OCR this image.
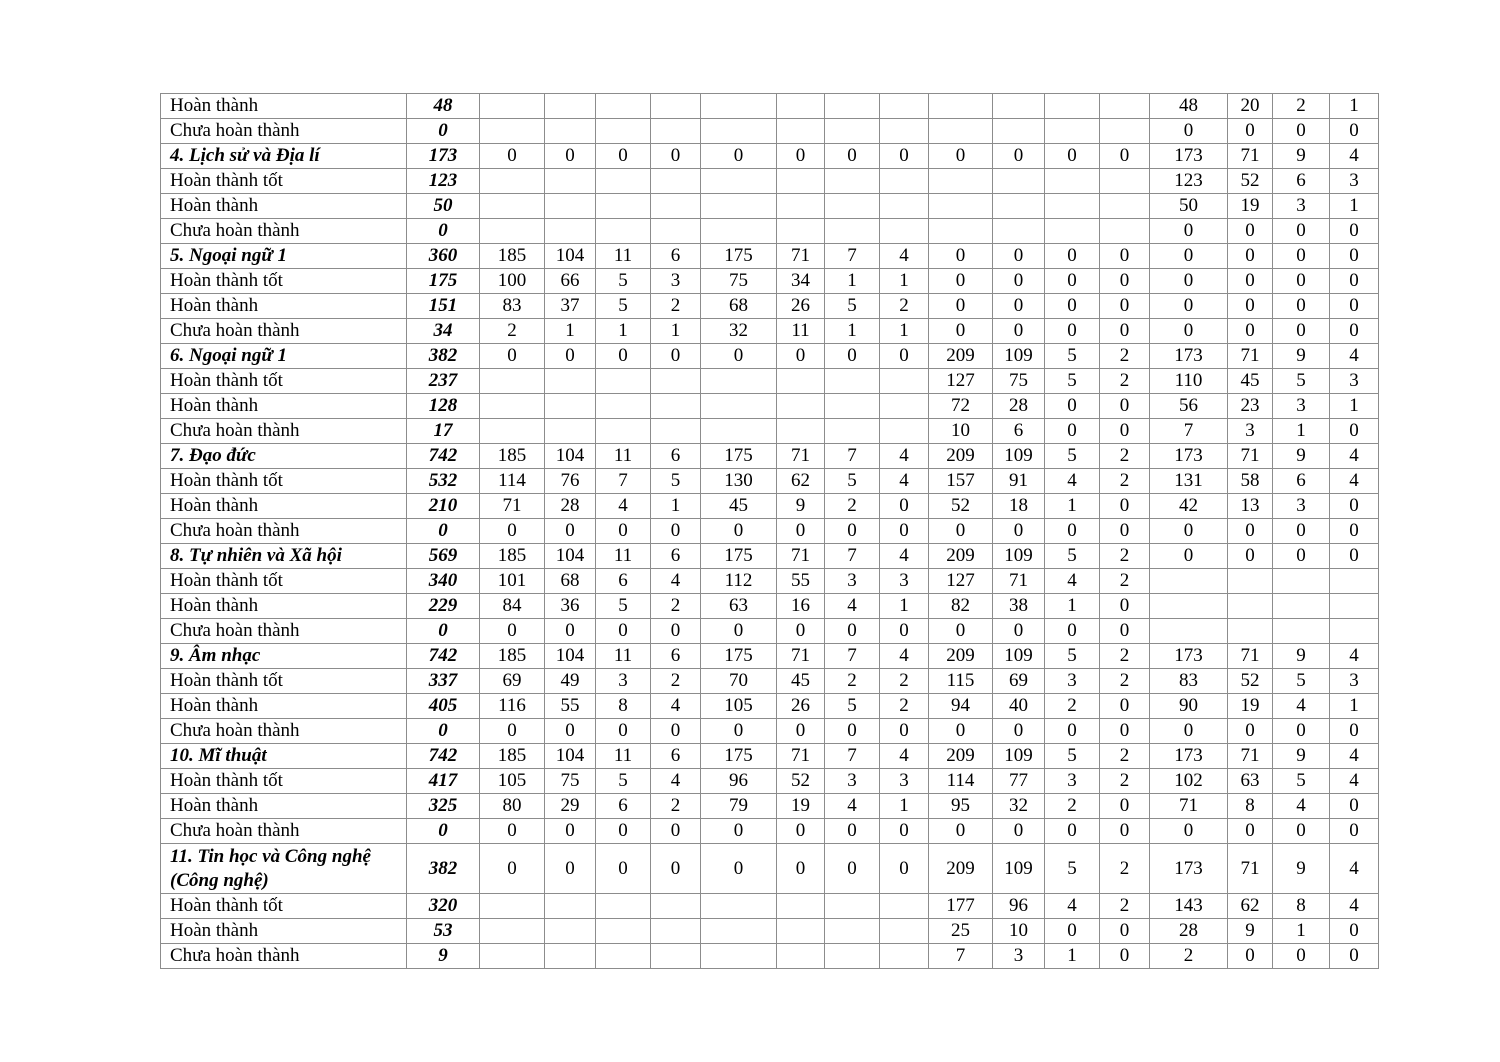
Hoàn thành	48													48	20	2	1
Chưa hoàn thành	0													0	0	0	0
4. Lịch sử và Địa lí	173	0	0	0	0	0	0	0	0	0	0	0	0	173	71	9	4
Hoàn thành tốt	123													123	52	6	3
Hoàn thành	50													50	19	3	1
Chưa hoàn thành	0													0	0	0	0
5. Ngoại ngữ 1	360	185	104	11	6	175	71	7	4	0	0	0	0	0	0	0	0
Hoàn thành tốt	175	100	66	5	3	75	34	1	1	0	0	0	0	0	0	0	0
Hoàn thành	151	83	37	5	2	68	26	5	2	0	0	0	0	0	0	0	0
Chưa hoàn thành	34	2	1	1	1	32	11	1	1	0	0	0	0	0	0	0	0
6. Ngoại ngữ 1	382	0	0	0	0	0	0	0	0	209	109	5	2	173	71	9	4
Hoàn thành tốt	237									127	75	5	2	110	45	5	3
Hoàn thành	128									72	28	0	0	56	23	3	1
Chưa hoàn thành	17									10	6	0	0	7	3	1	0
7. Đạo đức	742	185	104	11	6	175	71	7	4	209	109	5	2	173	71	9	4
Hoàn thành tốt	532	114	76	7	5	130	62	5	4	157	91	4	2	131	58	6	4
Hoàn thành	210	71	28	4	1	45	9	2	0	52	18	1	0	42	13	3	0
Chưa hoàn thành	0	0	0	0	0	0	0	0	0	0	0	0	0	0	0	0	0
8. Tự nhiên và Xã hội	569	185	104	11	6	175	71	7	4	209	109	5	2	0	0	0	0
Hoàn thành tốt	340	101	68	6	4	112	55	3	3	127	71	4	2				
Hoàn thành	229	84	36	5	2	63	16	4	1	82	38	1	0				
Chưa hoàn thành	0	0	0	0	0	0	0	0	0	0	0	0	0				
9. Âm nhạc	742	185	104	11	6	175	71	7	4	209	109	5	2	173	71	9	4
Hoàn thành tốt	337	69	49	3	2	70	45	2	2	115	69	3	2	83	52	5	3
Hoàn thành	405	116	55	8	4	105	26	5	2	94	40	2	0	90	19	4	1
Chưa hoàn thành	0	0	0	0	0	0	0	0	0	0	0	0	0	0	0	0	0
10. Mĩ thuật	742	185	104	11	6	175	71	7	4	209	109	5	2	173	71	9	4
Hoàn thành tốt	417	105	75	5	4	96	52	3	3	114	77	3	2	102	63	5	4
Hoàn thành	325	80	29	6	2	79	19	4	1	95	32	2	0	71	8	4	0
Chưa hoàn thành	0	0	0	0	0	0	0	0	0	0	0	0	0	0	0	0	0
11. Tin học và Công nghệ (Công nghệ)	382	0	0	0	0	0	0	0	0	209	109	5	2	173	71	9	4
Hoàn thành tốt	320									177	96	4	2	143	62	8	4
Hoàn thành	53									25	10	0	0	28	9	1	0
Chưa hoàn thành	9									7	3	1	0	2	0	0	0
